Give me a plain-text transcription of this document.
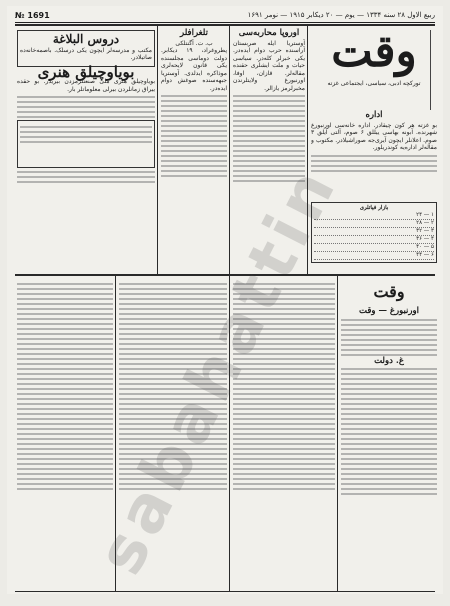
№ 1691	ربیع الاول ۲۸ سنه ۱۳۳۴ — یوم — ۲۰ دیکابر ۱۹۱۵ — نومر ۱۶۹۱
وقت
تورکچه ادبی، سیاسی، ایجتماعی غزته
اداره

بو غزته هر کون چیقادر. اداره خانه‌سی اورنبورغ شهرنده. آبونه بهاسی ییللق ۶ صوم، آلتی آیلق ۳ صوم. اعلانلر ایچون آیری‌جه صوراشیلادر. مکتوب و مقاله‌لر اداره‌یه کوندریلور.

بازار فیاتلری
۱ — ۲۴
۲ — ۲۸
۳ — ۳۲
۴ — ۳۶
۵ — ۴۰
۶ — ۴۴
آوروپا محاربه‌سی

آوستریا ایله صربستان آراسنده حرب دوام ایده‌در. یکی خبرلر کله‌در. سیاسی حیات و ملت ایشلری حقنده مقاله‌لر. قازان، اوفا، اورنبورغ ولایتلرندن مخبرلرمز یازالر.

تلغرافلر
ب. ت. آگنتلکی

پطروغراد، ۱۹ دیکابر. دولت دوماسی مجلسنده یکی قانون لایحه‌لری موذاکره ایدلدی. آوستریا جبهه‌سنده صوغش دوام ایده‌در.

دروس البلاغة

مکتب و مدرسه‌لر ایچون یکی درسلک. باصمه‌خانه‌ده صاتیلادر.

بویاوچیلق هنری

بویاوچیلق هنری ملی صنعتلرمزدن بیریدر. بو حقده ییراق زمانلردن بیرلی معلوماتلر بار.

وقت
اورنبورغ — وقت
غ. دولت
